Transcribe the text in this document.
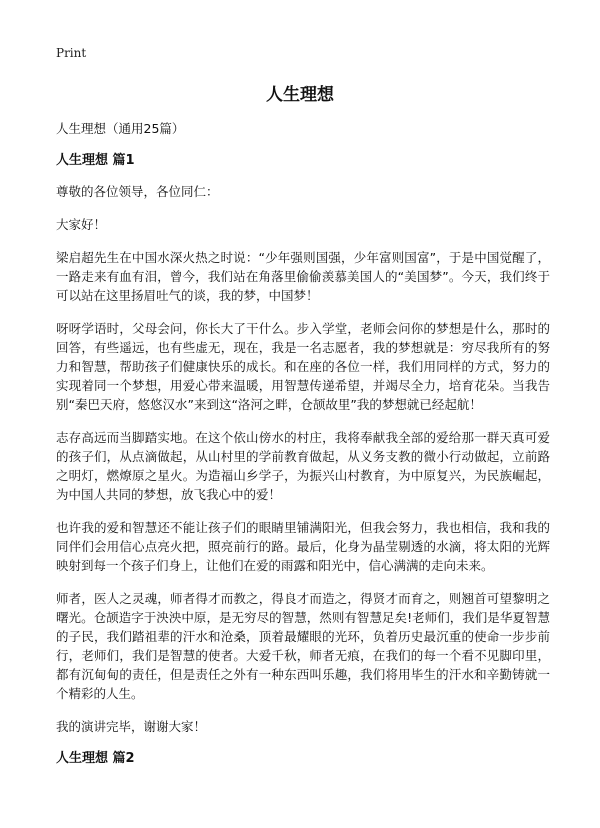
Print
人生理想
人生理想（通用25篇）
人生理想 篇1

尊敬的各位领导，各位同仁：

大家好！

梁启超先生在中国水深火热之时说：“少年强则国强，少年富则国富”，于是中国觉醒了，一路走来有血有泪，曾今，我们站在角落里偷偷羡慕美国人的“美国梦”。今天，我们终于可以站在这里扬眉吐气的谈，我的梦，中国梦！

呀呀学语时，父母会问，你长大了干什么。步入学堂，老师会问你的梦想是什么，那时的回答，有些遥远，也有些虚无，现在，我是一名志愿者，我的梦想就是：穷尽我所有的努力和智慧，帮助孩子们健康快乐的成长。和在座的各位一样，我们用同样的方式，努力的实现着同一个梦想，用爱心带来温暖，用智慧传递希望，并竭尽全力，培育花朵。当我告别“秦巴天府，悠悠汉水”来到这“洛河之畔，仓颉故里”我的梦想就已经起航！

志存高远而当脚踏实地。在这个依山傍水的村庄，我将奉献我全部的爱给那一群天真可爱的孩子们，从点滴做起，从山村里的学前教育做起，从义务支教的微小行动做起，立前路之明灯，燃燎原之星火。为造福山乡学子，为振兴山村教育，为中原复兴，为民族崛起，为中国人共同的梦想，放飞我心中的爱！

也许我的爱和智慧还不能让孩子们的眼睛里铺满阳光，但我会努力，我也相信，我和我的同伴们会用信心点亮火把，照亮前行的路。最后，化身为晶莹剔透的水滴，将太阳的光辉映射到每一个孩子们身上，让他们在爱的雨露和阳光中，信心满满的走向未来。

师者，医人之灵魂，师者得才而教之，得良才而造之，得贤才而育之，则翘首可望黎明之曙光。仓颉造字于泱泱中原，是无穷尽的智慧，然则有智慧足矣!老师们，我们是华夏智慧的子民，我们踏祖辈的汗水和沧桑，顶着最耀眼的光环，负着历史最沉重的使命一步步前行，老师们，我们是智慧的使者。大爱千秋，师者无痕，在我们的每一个看不见脚印里，都有沉甸甸的责任，但是责任之外有一种东西叫乐趣，我们将用毕生的汗水和辛勤铸就一个精彩的人生。

我的演讲完毕，谢谢大家！

人生理想 篇2
